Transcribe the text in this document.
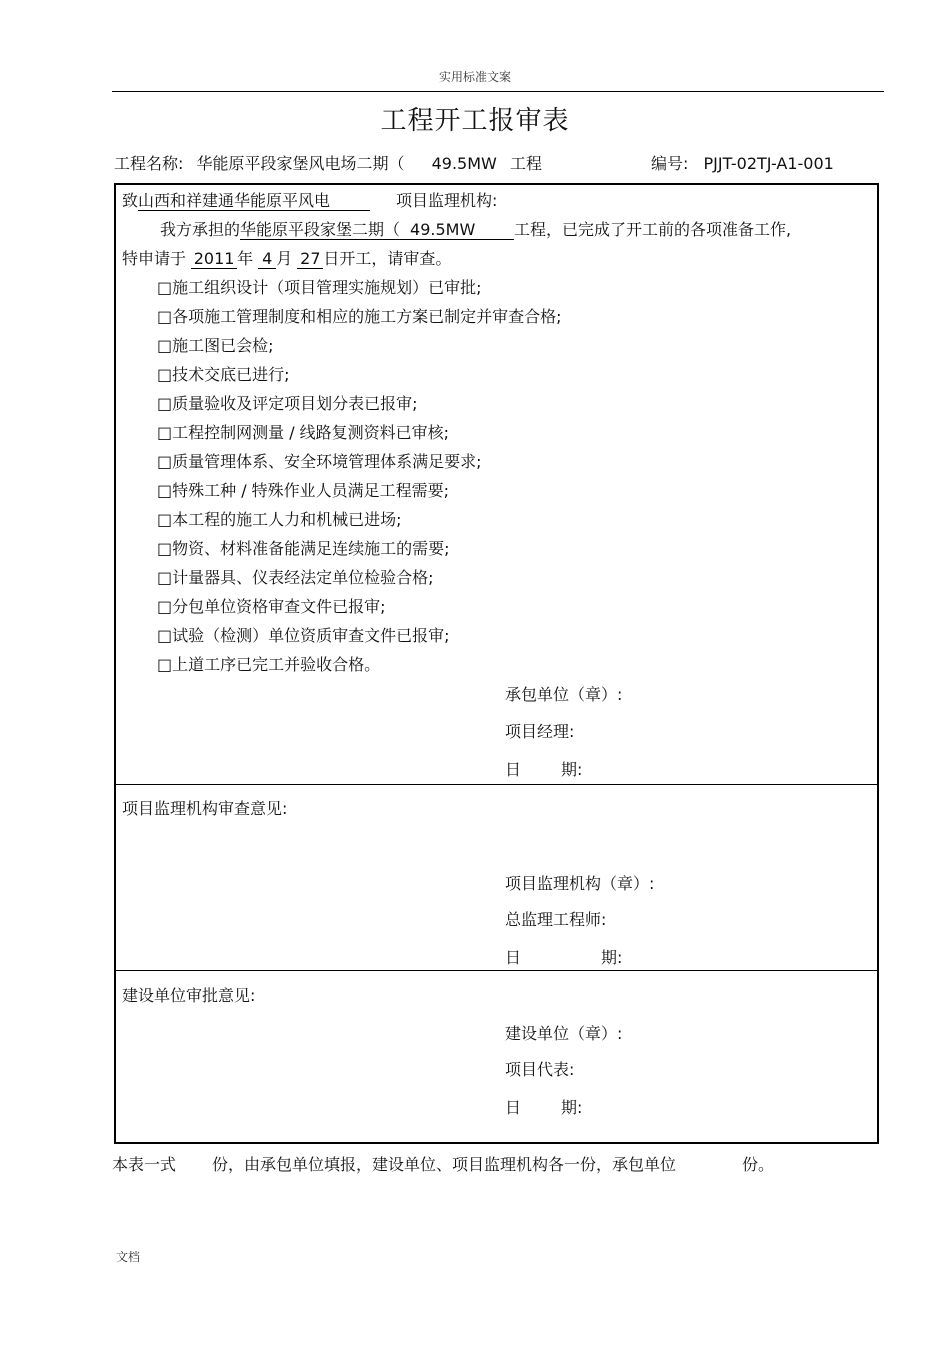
实用标准文案
工程开工报审表
工程名称: 华能原平段家堡风电场二期（ 49.5MW 工程	编号: PJJT-02TJ-A1-001
致山西和祥建通华能原平风电	项目监理机构:
我方承担的华能原平段家堡二期（ 49.5MW 工程，已完成了开工前的各项准备工作,
特申请于 2011 年 4 月 27 日开工，请审查。
□施工组织设计（项目管理实施规划）已审批;
□各项施工管理制度和相应的施工方案已制定并审查合格;
□施工图已会检;
□技术交底已进行;
□质量验收及评定项目划分表已报审;
□工程控制网测量 / 线路复测资料已审核;
□质量管理体系、安全环境管理体系满足要求;
□特殊工种 / 特殊作业人员满足工程需要;
□本工程的施工人力和机械已进场;
□物资、材料准备能满足连续施工的需要;
□计量器具、仪表经法定单位检验合格;
□分包单位资格审查文件已报审;
□试验（检测）单位资质审查文件已报审;
□上道工序已完工并验收合格。
承包单位（章）:
项目经理:
日	期:
项目监理机构审查意见:
项目监理机构（章）:
总监理工程师:
日	期:
建设单位审批意见:
建设单位（章）:
项目代表:
日	期:
本表一式 份，由承包单位填报，建设单位、项目监理机构各一份，承包单位	份。
文档
